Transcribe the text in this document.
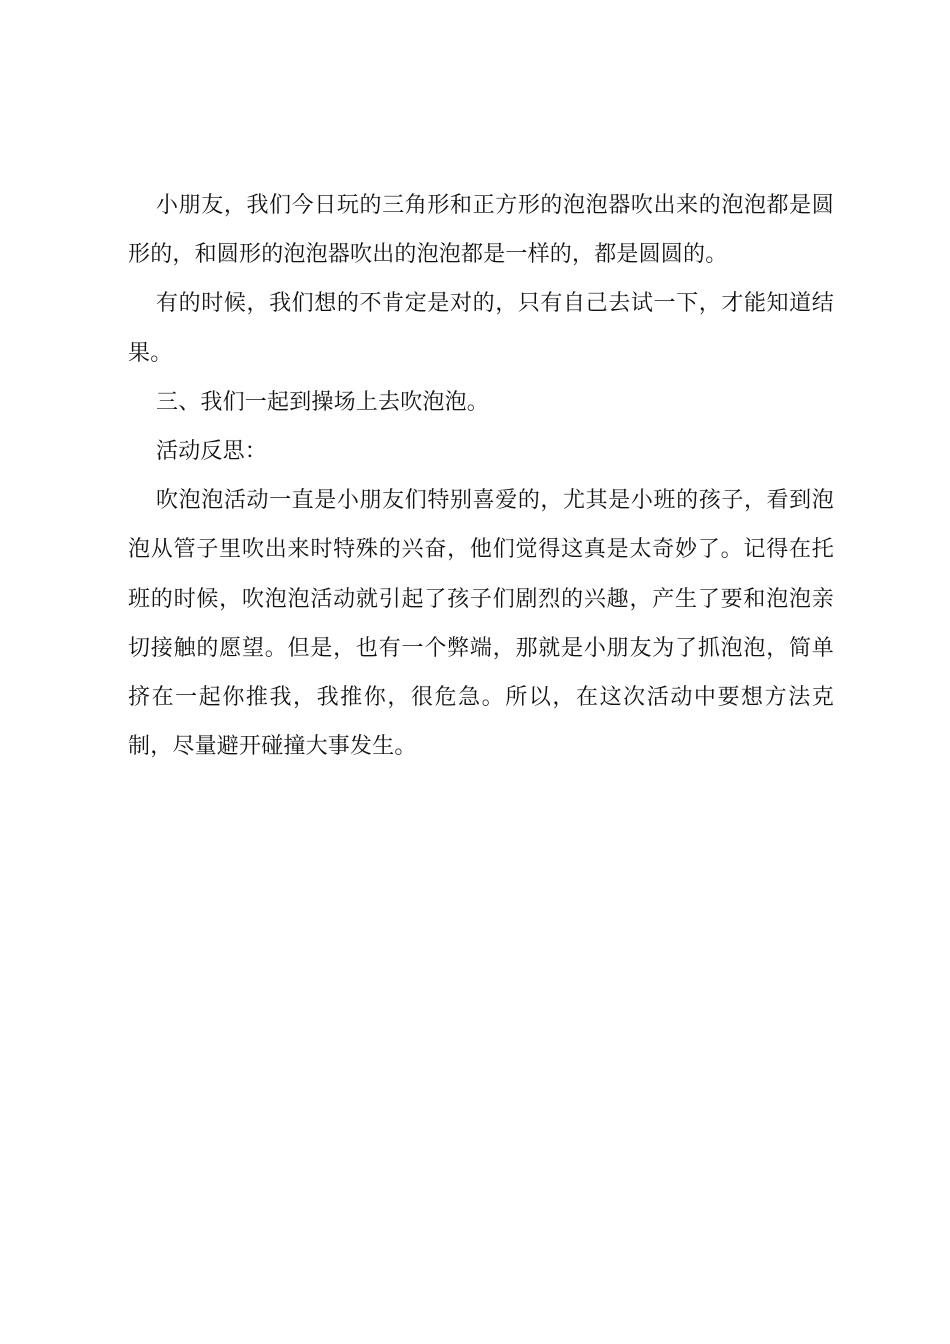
小朋友，我们今日玩的三角形和正方形的泡泡器吹出来的泡泡都是圆形的，和圆形的泡泡器吹出的泡泡都是一样的，都是圆圆的。

有的时候，我们想的不肯定是对的，只有自己去试一下，才能知道结果。

三、我们一起到操场上去吹泡泡。

活动反思：

吹泡泡活动一直是小朋友们特别喜爱的，尤其是小班的孩子，看到泡泡从管子里吹出来时特殊的兴奋，他们觉得这真是太奇妙了。记得在托班的时候，吹泡泡活动就引起了孩子们剧烈的兴趣，产生了要和泡泡亲切接触的愿望。但是，也有一个弊端，那就是小朋友为了抓泡泡，简单挤在一起你推我，我推你，很危急。所以，在这次活动中要想方法克制，尽量避开碰撞大事发生。
